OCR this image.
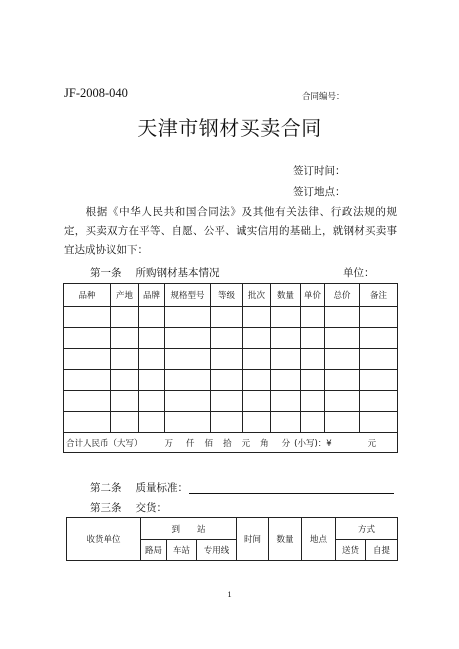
JF-2008-040	合同编号：
天津市钢材买卖合同
签订时间：
签订地点：
根据《中华人民共和国合同法》及其他有关法律、行政法规的规定，买卖双方在平等、自愿、公平、诚实信用的基础上，就钢材买卖事宜达成协议如下：
第一条 所购钢材基本情况	单位：
品种	产地	品牌	规格型号	等级	批次	数量	单价	总价	备注

合计人民币（大写） 万 仟 佰 拾 元 角 分 (小写)：¥ 元									
第二条 质量标准：
第三条 交货：
收货单位	到　　站			时间	数量	地点	方式	
	路局	车站	专用线				送货	自提
1
